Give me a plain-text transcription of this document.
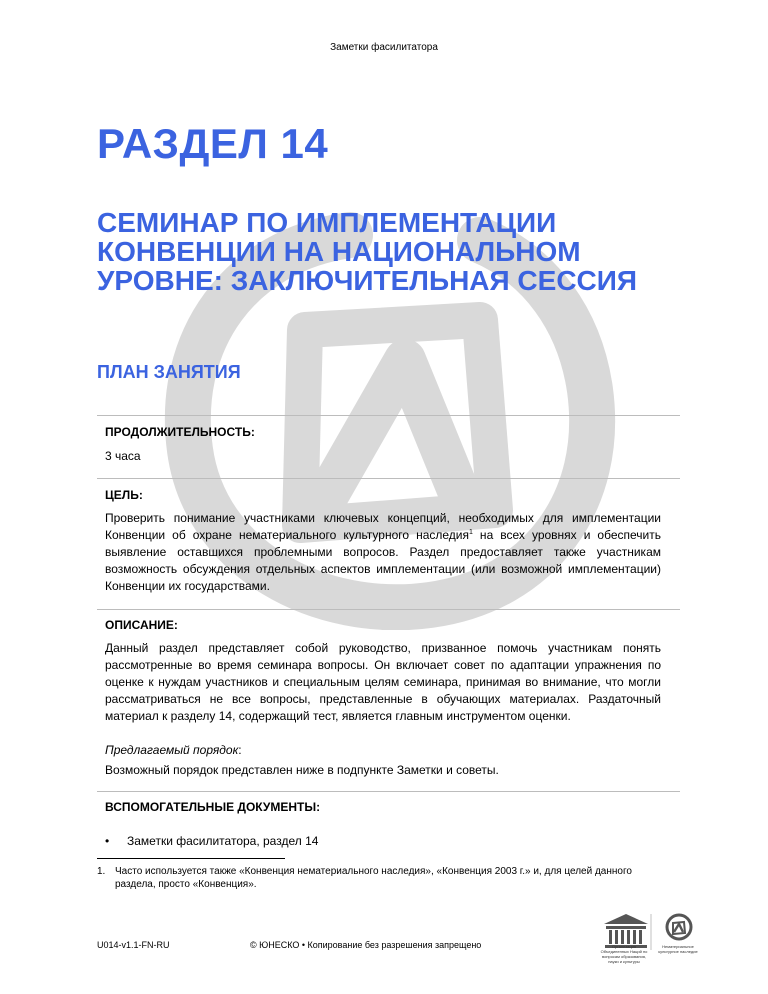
Заметки фасилитатора
РАЗДЕЛ 14
СЕМИНАР ПО ИМПЛЕМЕНТАЦИИ КОНВЕНЦИИ НА НАЦИОНАЛЬНОМ УРОВНЕ: ЗАКЛЮЧИТЕЛЬНАЯ СЕССИЯ
ПЛАН ЗАНЯТИЯ
ПРОДОЛЖИТЕЛЬНОСТЬ:
3 часа
ЦЕЛЬ:
Проверить понимание участниками ключевых концепций, необходимых для имплементации Конвенции об охране нематериального культурного наследия$^1$ на всех уровнях и обеспечить выявление оставшихся проблемными вопросов. Раздел предоставляет также участникам возможность обсуждения отдельных аспектов имплементации (или возможной имплементации) Конвенции их государствами.
ОПИСАНИЕ:
Данный раздел представляет собой руководство, призванное помочь участникам понять рассмотренные во время семинара вопросы. Он включает совет по адаптации упражнения по оценке к нуждам участников и специальным целям семинара, принимая во внимание, что могли рассматриваться не все вопросы, представленные в обучающих материалах. Раздаточный материал к разделу 14, содержащий тест, является главным инструментом оценки.
Предлагаемый порядок:
Возможный порядок представлен ниже в подпункте Заметки и советы.
ВСПОМОГАТЕЛЬНЫЕ ДОКУМЕНТЫ:
• Заметки фасилитатора, раздел 14
1. Часто используется также «Конвенция нематериального наследия», «Конвенция 2003 г.» и, для целей данного раздела, просто «Конвенция».
U014-v1.1-FN-RU	© ЮНЕСКО • Копирование без разрешения запрещено	Организация Объединенных Наций по вопросам образования, науки и культуры
Нематериальное культурное наследие
